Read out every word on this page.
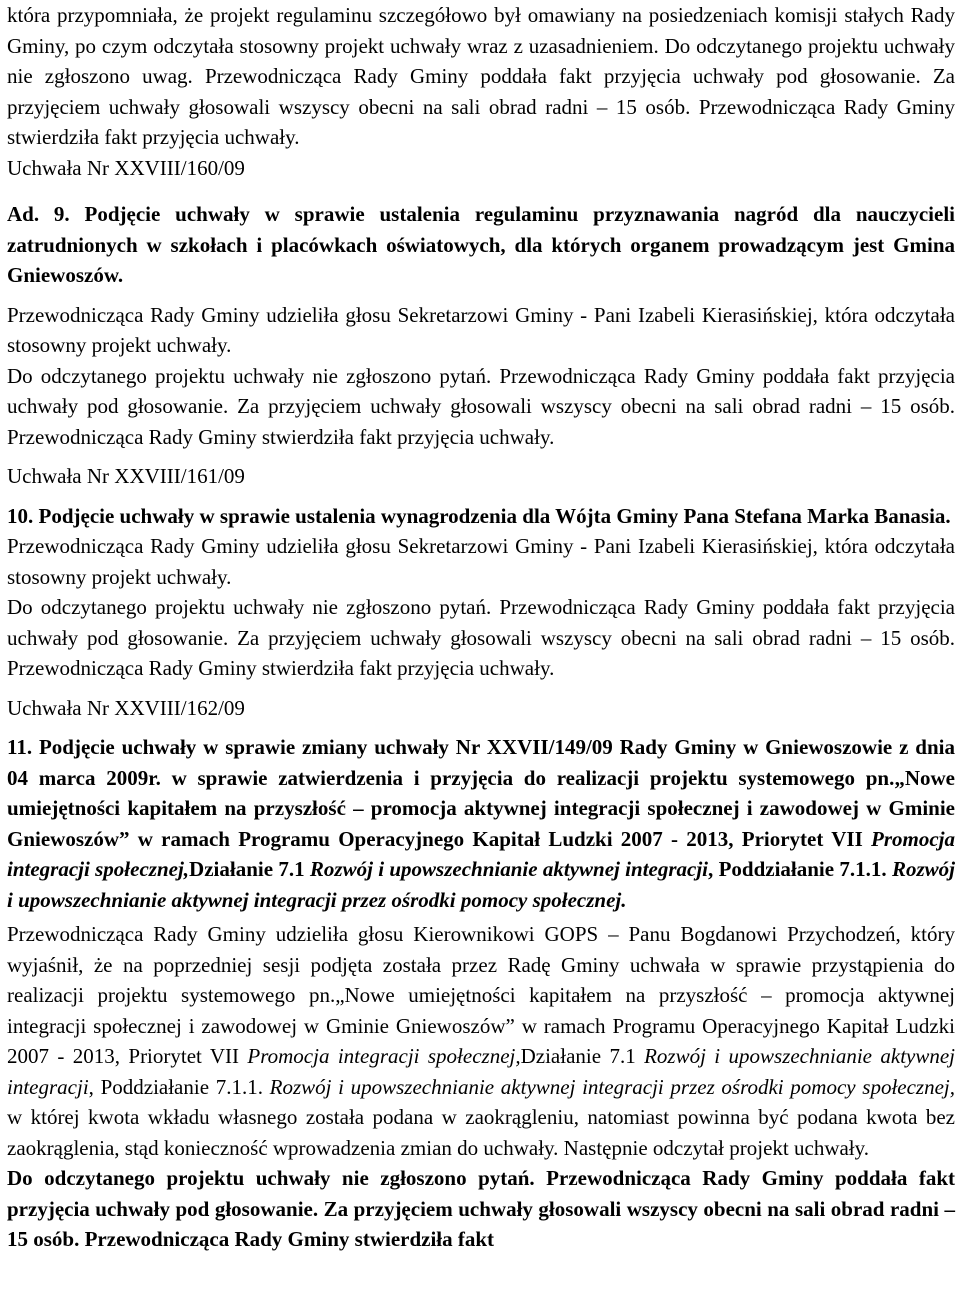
która przypomniała, że projekt regulaminu szczegółowo był omawiany na posiedzeniach komisji stałych Rady Gminy, po czym odczytała stosowny projekt uchwały wraz z uzasadnieniem. Do odczytanego projektu uchwały nie zgłoszono uwag. Przewodnicząca Rady Gminy poddała fakt przyjęcia uchwały pod głosowanie. Za przyjęciem uchwały głosowali wszyscy obecni na sali obrad radni – 15 osób. Przewodnicząca Rady Gminy stwierdziła fakt przyjęcia uchwały.

Uchwała Nr XXVIII/160/09

Ad. 9. Podjęcie uchwały w sprawie ustalenia regulaminu przyznawania nagród dla nauczycieli zatrudnionych w szkołach i placówkach oświatowych, dla których organem prowadzącym jest Gmina Gniewoszów.

Przewodnicząca Rady Gminy udzieliła głosu Sekretarzowi Gminy - Pani Izabeli Kierasińskiej, która odczytała stosowny projekt uchwały.

Do odczytanego projektu uchwały nie zgłoszono pytań. Przewodnicząca Rady Gminy poddała fakt przyjęcia uchwały pod głosowanie. Za przyjęciem uchwały głosowali wszyscy obecni na sali obrad radni – 15 osób. Przewodnicząca Rady Gminy stwierdziła fakt przyjęcia uchwały.

Uchwała Nr XXVIII/161/09

10. Podjęcie uchwały w sprawie ustalenia wynagrodzenia dla Wójta Gminy Pana Stefana Marka Banasia.

Przewodnicząca Rady Gminy udzieliła głosu Sekretarzowi Gminy - Pani Izabeli Kierasińskiej, która odczytała stosowny projekt uchwały.

Do odczytanego projektu uchwały nie zgłoszono pytań. Przewodnicząca Rady Gminy poddała fakt przyjęcia uchwały pod głosowanie. Za przyjęciem uchwały głosowali wszyscy obecni na sali obrad radni – 15 osób. Przewodnicząca Rady Gminy stwierdziła fakt przyjęcia uchwały.

Uchwała Nr XXVIII/162/09

11. Podjęcie uchwały w sprawie zmiany uchwały Nr XXVII/149/09 Rady Gminy w Gniewoszowie z dnia 04 marca 2009r. w sprawie zatwierdzenia i przyjęcia do realizacji projektu systemowego pn.„Nowe umiejętności kapitałem na przyszłość – promocja aktywnej integracji społecznej i zawodowej w Gminie Gniewoszów” w ramach Programu Operacyjnego Kapitał Ludzki 2007 - 2013, Priorytet VII Promocja integracji społecznej,Działanie 7.1 Rozwój i upowszechnianie aktywnej integracji, Poddziałanie 7.1.1. Rozwój i upowszechnianie aktywnej integracji przez ośrodki pomocy społecznej.

Przewodnicząca Rady Gminy udzieliła głosu Kierownikowi GOPS – Panu Bogdanowi Przychodzeń, który wyjaśnił, że na poprzedniej sesji podjęta została przez Radę Gminy uchwała w sprawie przystąpienia do realizacji projektu systemowego pn.„Nowe umiejętności kapitałem na przyszłość – promocja aktywnej integracji społecznej i zawodowej w Gminie Gniewoszów” w ramach Programu Operacyjnego Kapitał Ludzki 2007 - 2013, Priorytet VII Promocja integracji społecznej,Działanie 7.1 Rozwój i upowszechnianie aktywnej integracji, Poddziałanie 7.1.1. Rozwój i upowszechnianie aktywnej integracji przez ośrodki pomocy społecznej, w której kwota wkładu własnego została podana w zaokrągleniu, natomiast powinna być podana kwota bez zaokrąglenia, stąd konieczność wprowadzenia zmian do uchwały. Następnie odczytał projekt uchwały.

Do odczytanego projektu uchwały nie zgłoszono pytań. Przewodnicząca Rady Gminy poddała fakt przyjęcia uchwały pod głosowanie. Za przyjęciem uchwały głosowali wszyscy obecni na sali obrad radni – 15 osób. Przewodnicząca Rady Gminy stwierdziła fakt
